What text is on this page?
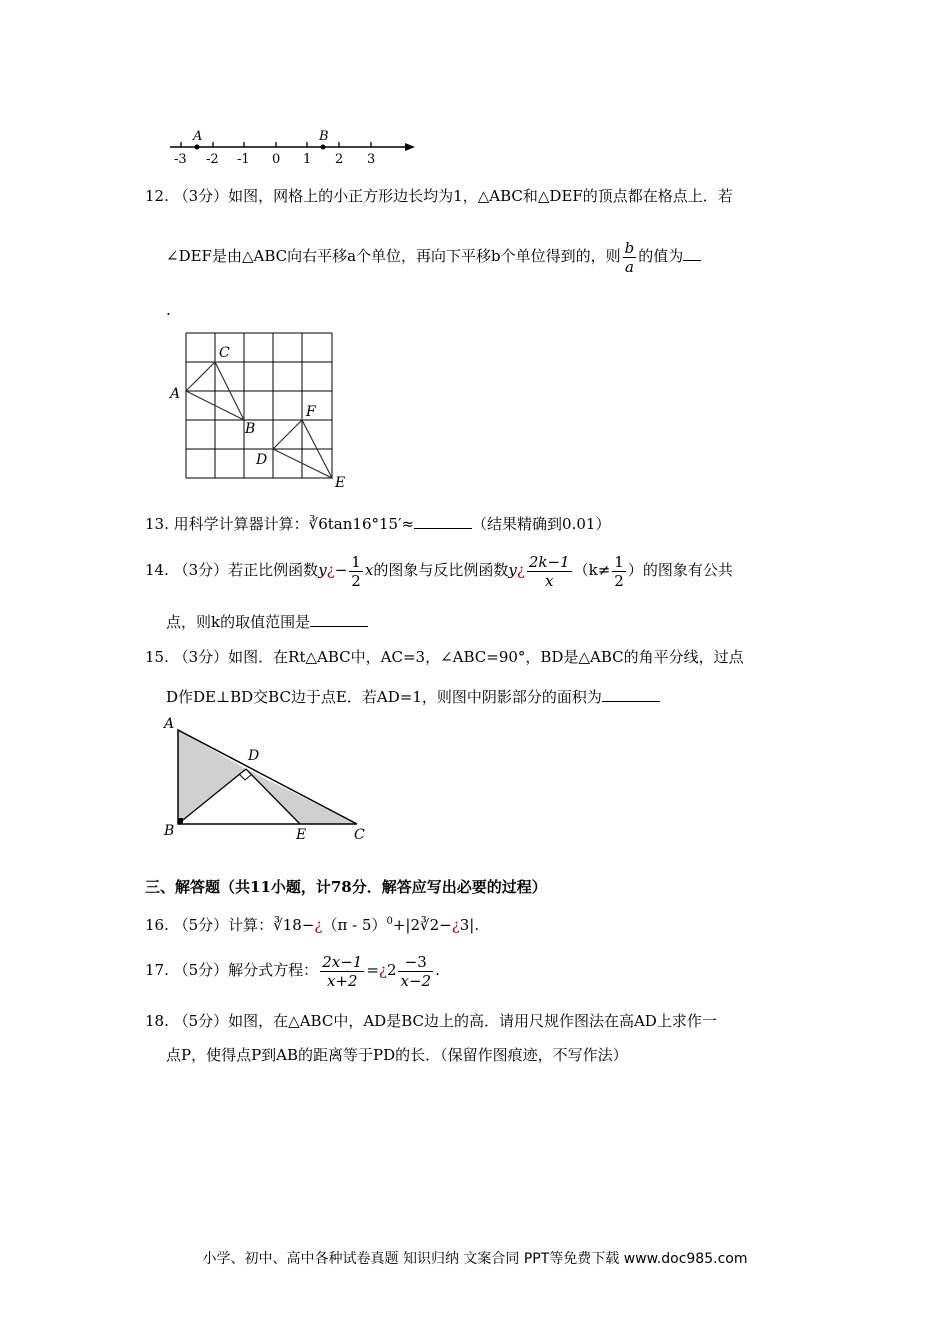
-3 -2 -1 0 1 2 3
A	B
12. （3分）如图，网格上的小正方形边长均为1，△ABC和△DEF的顶点都在格点上．若
∠DEF是由△ABC向右平移a个单位，再向下平移b个单位得到的，则 $\frac{b}{a}$ 的值为
.
A
C
B
F
D
E
13. 用科学计算器计算：∛6tan16°15′≈	（结果精确到0.01）
14. （3分）若正比例函数y¿− $\frac{1}{2}$ x的图象与反比例函数y¿ $\frac{2k-1}{x} (k\ne \frac{1}{2}$ ）的图象有公共
点，则k的取值范围是
15. （3分）如图．在Rt△ABC中，AC=3，∠ABC=90°，BD是△ABC的角平分线，过点
D作DE⊥BD交BC边于点E．若AD=1，则图中阴影部分的面积为
A
D
B	E	C
三、解答题（共11小题，计78分．解答应写出必要的过程）
16. （5分）计算：∛18−¿（π - 5）$^0$+|2∛2−¿3|.
17. （5分）解分式方程： $\frac{2x-1}{x+2}$ =¿2 $\frac{-3}{x-2}$ .
18. （5分）如图，在△ABC中，AD是BC边上的高．请用尺规作图法在高AD上求作一
点P，使得点P到AB的距离等于PD的长．（保留作图痕迹，不写作法）
小学、初中、高中各种试卷真题 知识归纳 文案合同 PPT等免费下载 www.doc985.com
